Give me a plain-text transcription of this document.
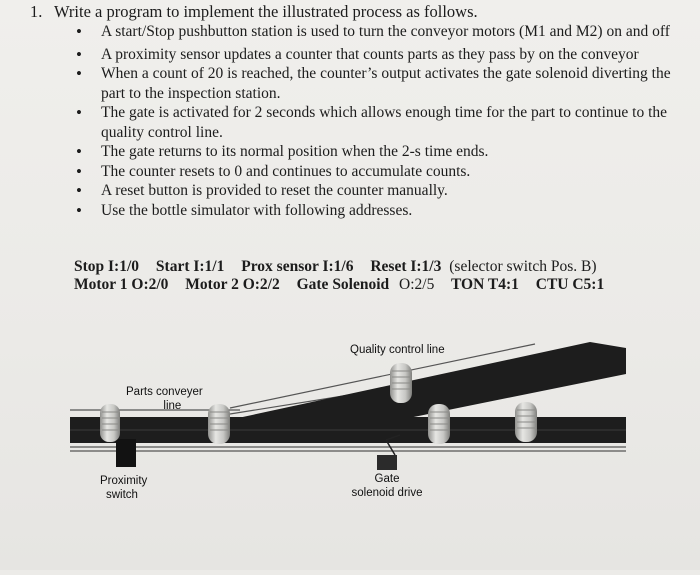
1. Write a program to implement the illustrated process as follows.
• A start/Stop pushbutton station is used to turn the conveyor motors (M1 and M2) on and off
• A proximity sensor updates a counter that counts parts as they pass by on the conveyor
• When a count of 20 is reached, the counter’s output activates the gate solenoid diverting the part to the inspection station.
• The gate is activated for 2 seconds which allows enough time for the part to continue to the quality control line.
• The gate returns to its normal position when the 2-s time ends.
• The counter resets to 0 and continues to accumulate counts.
• A reset button is provided to reset the counter manually.
• Use the bottle simulator with following addresses.
Stop I:1/0 Start I:1/1 Prox sensor I:1/6 Reset I:1/3 (selector switch Pos. B)
Motor 1 O:2/0 Motor 2 O:2/2 Gate Solenoid O:2/5 TON T4:1 CTU C5:1
Quality control line
Parts conveyer
line
Proximity
switch
Gate
solenoid drive
